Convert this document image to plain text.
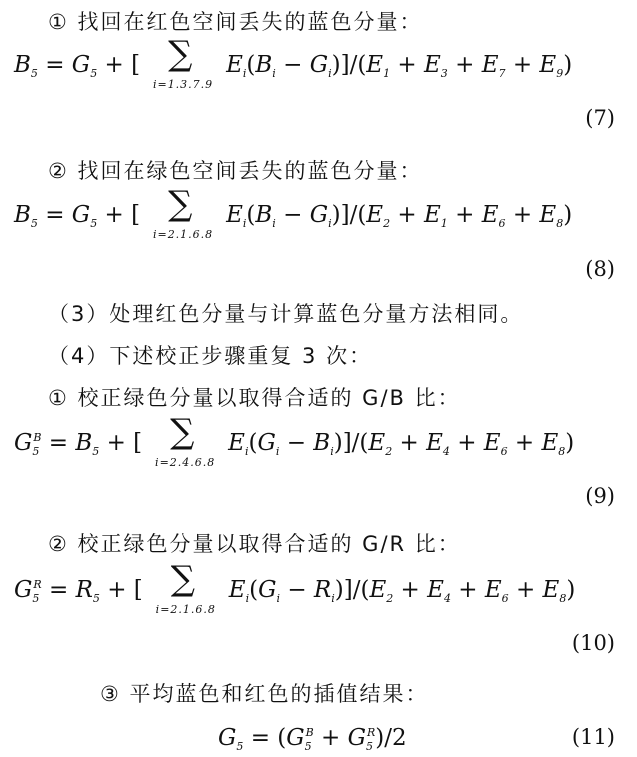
① 找回在红色空间丢失的蓝色分量：
$B_5 = G_5$ + [ ∑
i=1.3.7.9
$E_i(B_i - G_i)]/(E_1 + E_3 + E_7 + E_9)$
(7)
② 找回在绿色空间丢失的蓝色分量：
$B_5 = G_5$ + [ ∑
i=2.1.6.8
$E_i(B_i - G_i)]/(E_2 + E_1 + E_6 + E_8)$
(8)
（3）处理红色分量与计算蓝色分量方法相同。
（4）下述校正步骤重复 3 次：
① 校正绿色分量以取得合适的 G/B 比：
$G_5^B = B_5$ + [ ∑
i=2.4.6.8
$E_i(G_i - B_i)]/(E_2 + E_4 + E_6 + E_8)$
(9)
② 校正绿色分量以取得合适的 G/R 比：
$G_5^R = R_5$ + [ ∑
i=2.1.6.8
$E_i(G_i - R_i)]/(E_2 + E_4 + E_6 + E_8)$
(10)
③ 平均蓝色和红色的插值结果：
$G_5 = (G_5^B + G_5^R)/2$	(11)
